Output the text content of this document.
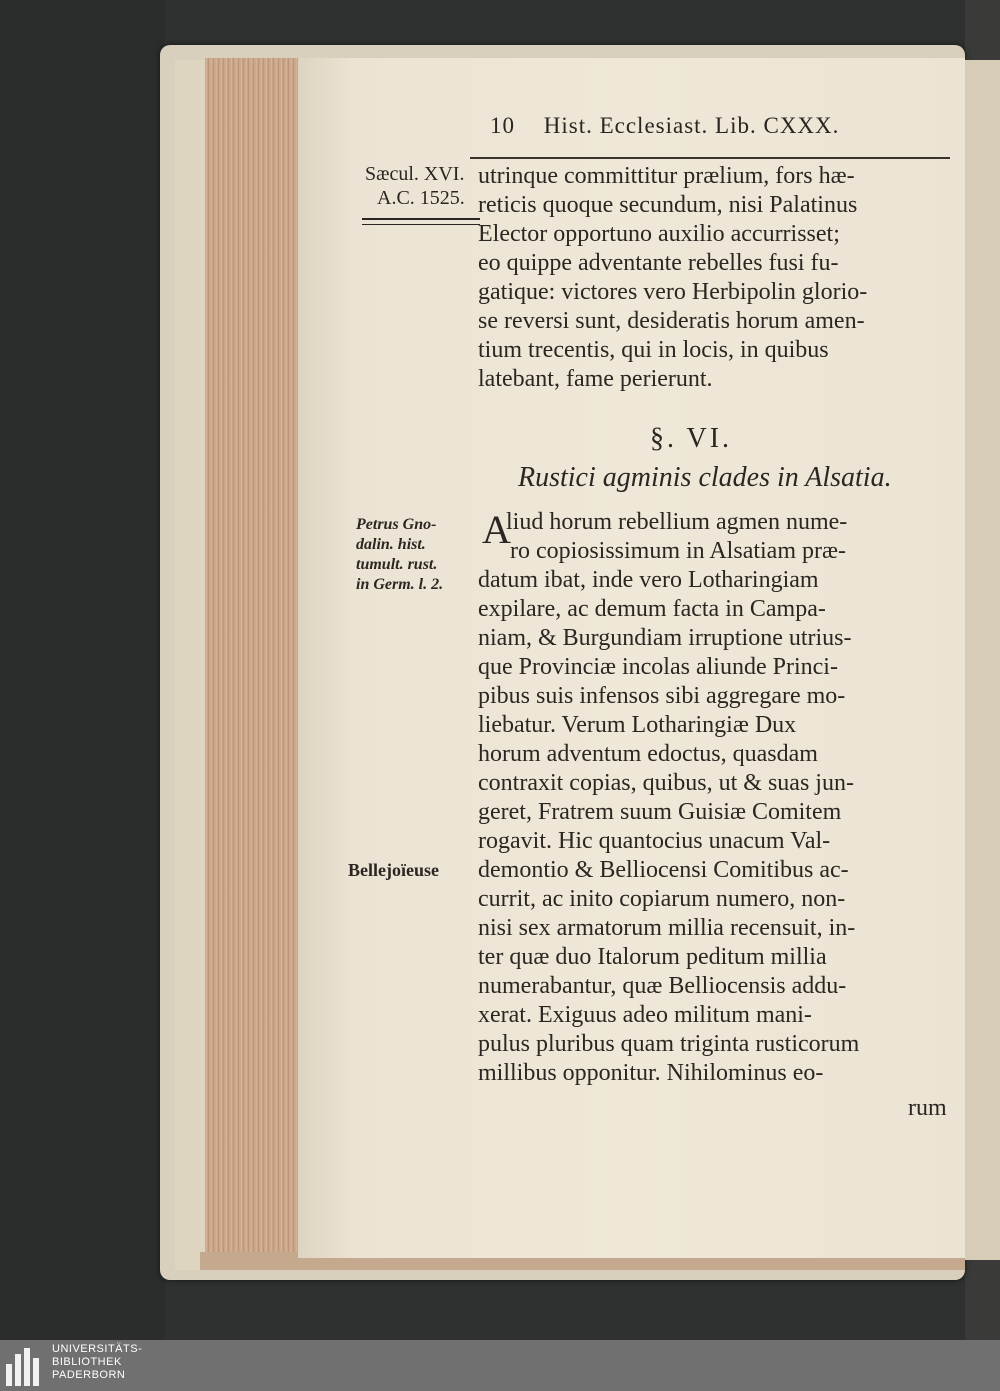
10 Hist. Ecclesiast. Lib. CXXX.
Sæcul. XVI.
A.C. 1525.
utrinque committitur prælium, fors hæ-
reticis quoque secundum, nisi Palatinus
Elector opportuno auxilio accurrisset;
eo quippe adventante rebelles fusi fu-
gatique: victores vero Herbipolin glorio-
se reversi sunt, desideratis horum amen-
tium trecentis, qui in locis, in quibus
latebant, fame perierunt.
§. VI.
Rustici agminis clades in Alsatia.
Petrus Gno-
dalin. hist.
tumult. rust.
in Germ. l. 2.
A
liud horum rebellium agmen nume-
ro copiosissimum in Alsatiam præ-
datum ibat, inde vero Lotharingiam
expilare, ac demum facta in Campa-
niam, & Burgundiam irruptione utrius-
que Provinciæ incolas aliunde Princi-
pibus suis infensos sibi aggregare mo-
liebatur. Verum Lotharingiæ Dux
horum adventum edoctus, quasdam
contraxit copias, quibus, ut & suas jun-
geret, Fratrem suum Guisiæ Comitem
rogavit. Hic quantocius unacum Val-
demontio & Belliocensi Comitibus ac-
currit, ac inito copiarum numero, non-
nisi sex armatorum millia recensuit, in-
ter quæ duo Italorum peditum millia
numerabantur, quæ Belliocensis addu-
xerat. Exiguus adeo militum mani-
pulus pluribus quam triginta rusticorum
millibus opponitur. Nihilominus eo-
Bellejoïeuse
rum
UNIVERSITÄTS-
BIBLIOTHEK
PADERBORN
